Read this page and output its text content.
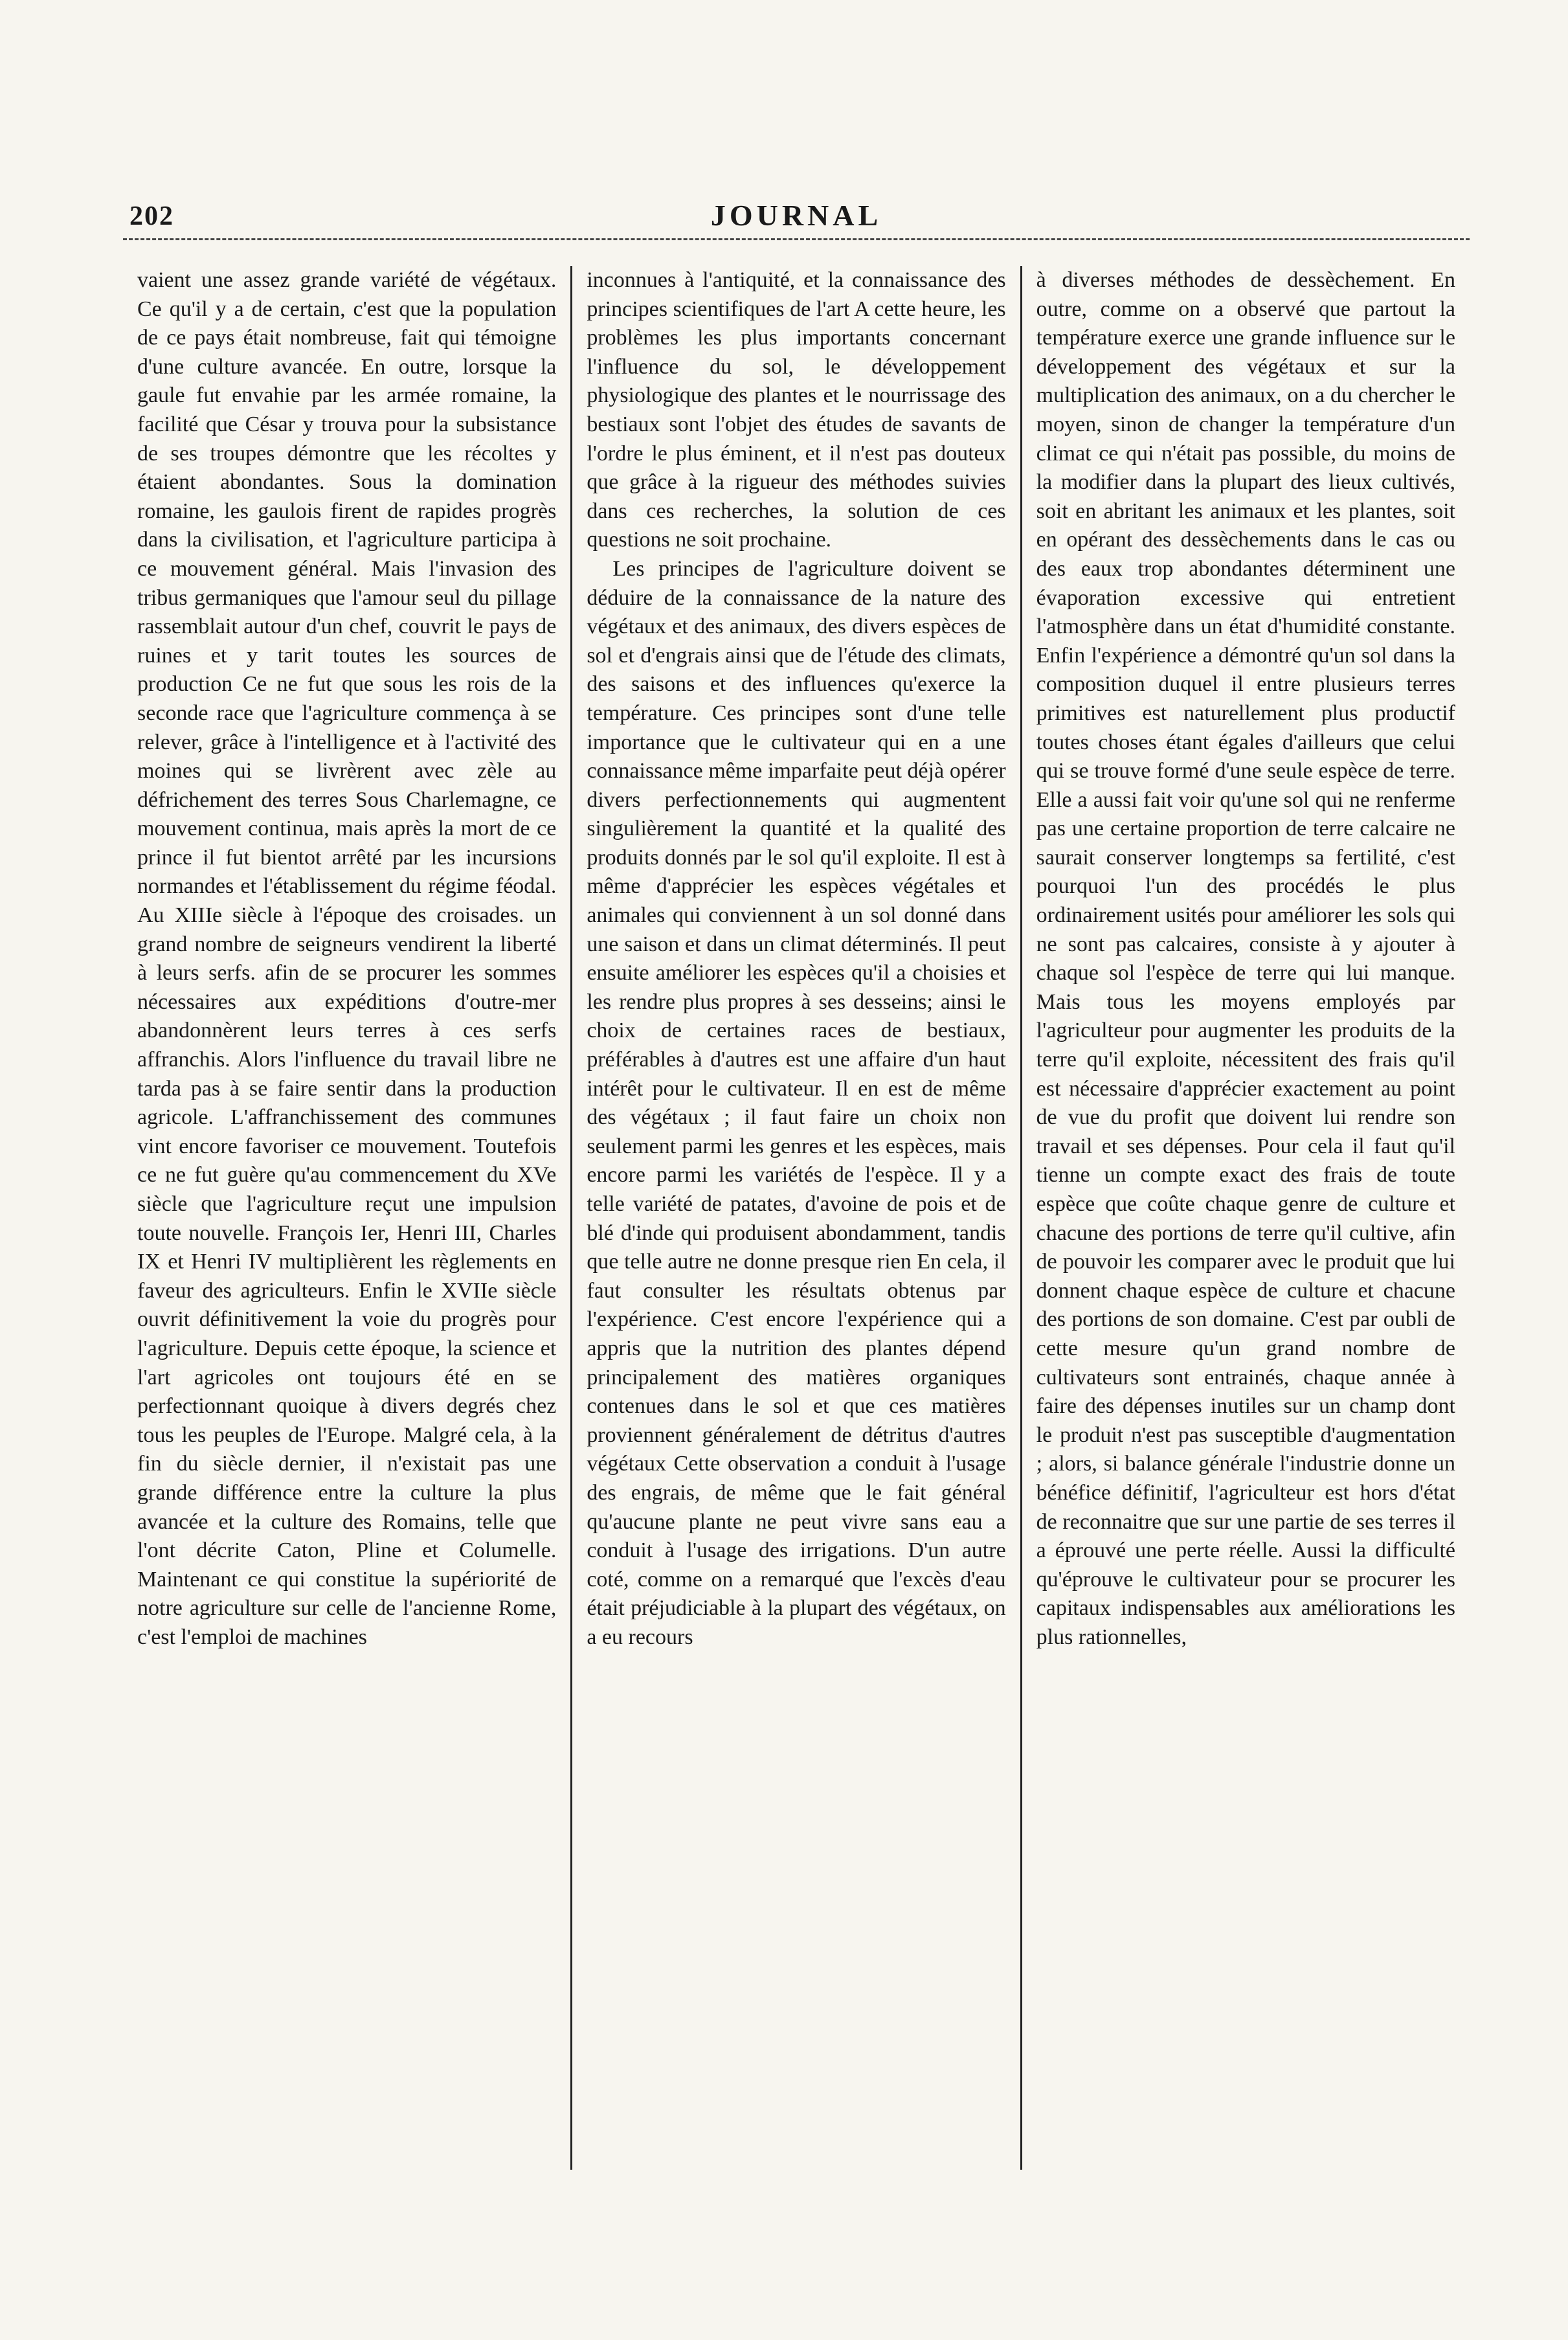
202	JOURNAL

vaient une assez grande variété de végétaux. Ce qu'il y a de certain, c'est que la population de ce pays était nombreuse, fait qui témoigne d'une culture avancée. En outre, lorsque la gaule fut envahie par les armée romaine, la facilité que César y trouva pour la subsistance de ses troupes démontre que les récoltes y étaient abondantes. Sous la domination romaine, les gaulois firent de rapides progrès dans la civilisation, et l'agriculture participa à ce mouvement général. Mais l'invasion des tribus germaniques que l'amour seul du pillage rassemblait autour d'un chef, couvrit le pays de ruines et y tarit toutes les sources de production Ce ne fut que sous les rois de la seconde race que l'agriculture commença à se relever, grâce à l'intelligence et à l'activité des moines qui se livrèrent avec zèle au défrichement des terres Sous Charlemagne, ce mouvement continua, mais après la mort de ce prince il fut bientot arrêté par les incursions normandes et l'établissement du régime féodal. Au XIIIe siècle à l'époque des croisades. un grand nombre de seigneurs vendirent la liberté à leurs serfs. afin de se procurer les sommes nécessaires aux expéditions d'outre-mer abandonnèrent leurs terres à ces serfs affranchis. Alors l'influence du travail libre ne tarda pas à se faire sentir dans la production agricole. L'affranchissement des communes vint encore favoriser ce mouvement. Toutefois ce ne fut guère qu'au commencement du XVe siècle que l'agriculture reçut une impulsion toute nouvelle. François Ier, Henri III, Charles IX et Henri IV multiplièrent les règlements en faveur des agriculteurs. Enfin le XVIIe siècle ouvrit définitivement la voie du progrès pour l'agriculture. Depuis cette époque, la science et l'art agricoles ont toujours été en se perfectionnant quoique à divers degrés chez tous les peuples de l'Europe. Malgré cela, à la fin du siècle dernier, il n'existait pas une grande différence entre la culture la plus avancée et la culture des Romains, telle que l'ont décrite Caton, Pline et Columelle. Maintenant ce qui constitue la supériorité de notre agriculture sur celle de l'ancienne Rome, c'est l'emploi de machines

inconnues à l'antiquité, et la connaissance des principes scientifiques de l'art A cette heure, les problèmes les plus importants concernant l'influence du sol, le développement physiologique des plantes et le nourrissage des bestiaux sont l'objet des études de savants de l'ordre le plus éminent, et il n'est pas douteux que grâce à la rigueur des méthodes suivies dans ces recherches, la solution de ces questions ne soit prochaine.

Les principes de l'agriculture doivent se déduire de la connaissance de la nature des végétaux et des animaux, des divers espèces de sol et d'engrais ainsi que de l'étude des climats, des saisons et des influences qu'exerce la température. Ces principes sont d'une telle importance que le cultivateur qui en a une connaissance même imparfaite peut déjà opérer divers perfectionnements qui augmentent singulièrement la quantité et la qualité des produits donnés par le sol qu'il exploite. Il est à même d'apprécier les espèces végétales et animales qui conviennent à un sol donné dans une saison et dans un climat déterminés. Il peut ensuite améliorer les espèces qu'il a choisies et les rendre plus propres à ses desseins; ainsi le choix de certaines races de bestiaux, préférables à d'autres est une affaire d'un haut intérêt pour le cultivateur. Il en est de même des végétaux ; il faut faire un choix non seulement parmi les genres et les espèces, mais encore parmi les variétés de l'espèce. Il y a telle variété de patates, d'avoine de pois et de blé d'inde qui produisent abondamment, tandis que telle autre ne donne presque rien En cela, il faut consulter les résultats obtenus par l'expérience. C'est encore l'expérience qui a appris que la nutrition des plantes dépend principalement des matières organiques contenues dans le sol et que ces matières proviennent généralement de détritus d'autres végétaux Cette observation a conduit à l'usage des engrais, de même que le fait général qu'aucune plante ne peut vivre sans eau a conduit à l'usage des irrigations. D'un autre coté, comme on a remarqué que l'excès d'eau était préjudiciable à la plupart des végétaux, on a eu recours

à diverses méthodes de dessèchement. En outre, comme on a observé que partout la température exerce une grande influence sur le développement des végétaux et sur la multiplication des animaux, on a du chercher le moyen, sinon de changer la température d'un climat ce qui n'était pas possible, du moins de la modifier dans la plupart des lieux cultivés, soit en abritant les animaux et les plantes, soit en opérant des dessèchements dans le cas ou des eaux trop abondantes déterminent une évaporation excessive qui entretient l'atmosphère dans un état d'humidité constante. Enfin l'expérience a démontré qu'un sol dans la composition duquel il entre plusieurs terres primitives est naturellement plus productif toutes choses étant égales d'ailleurs que celui qui se trouve formé d'une seule espèce de terre. Elle a aussi fait voir qu'une sol qui ne renferme pas une certaine proportion de terre calcaire ne saurait conserver longtemps sa fertilité, c'est pourquoi l'un des procédés le plus ordinairement usités pour améliorer les sols qui ne sont pas calcaires, consiste à y ajouter à chaque sol l'espèce de terre qui lui manque. Mais tous les moyens employés par l'agriculteur pour augmenter les produits de la terre qu'il exploite, nécessitent des frais qu'il est nécessaire d'apprécier exactement au point de vue du profit que doivent lui rendre son travail et ses dépenses. Pour cela il faut qu'il tienne un compte exact des frais de toute espèce que coûte chaque genre de culture et chacune des portions de terre qu'il cultive, afin de pouvoir les comparer avec le produit que lui donnent chaque espèce de culture et chacune des portions de son domaine. C'est par oubli de cette mesure qu'un grand nombre de cultivateurs sont entrainés, chaque année à faire des dépenses inutiles sur un champ dont le produit n'est pas susceptible d'augmentation ; alors, si balance générale l'industrie donne un bénéfice définitif, l'agriculteur est hors d'état de reconnaitre que sur une partie de ses terres il a éprouvé une perte réelle. Aussi la difficulté qu'éprouve le cultivateur pour se procurer les capitaux indispensables aux améliorations les plus rationnelles,
